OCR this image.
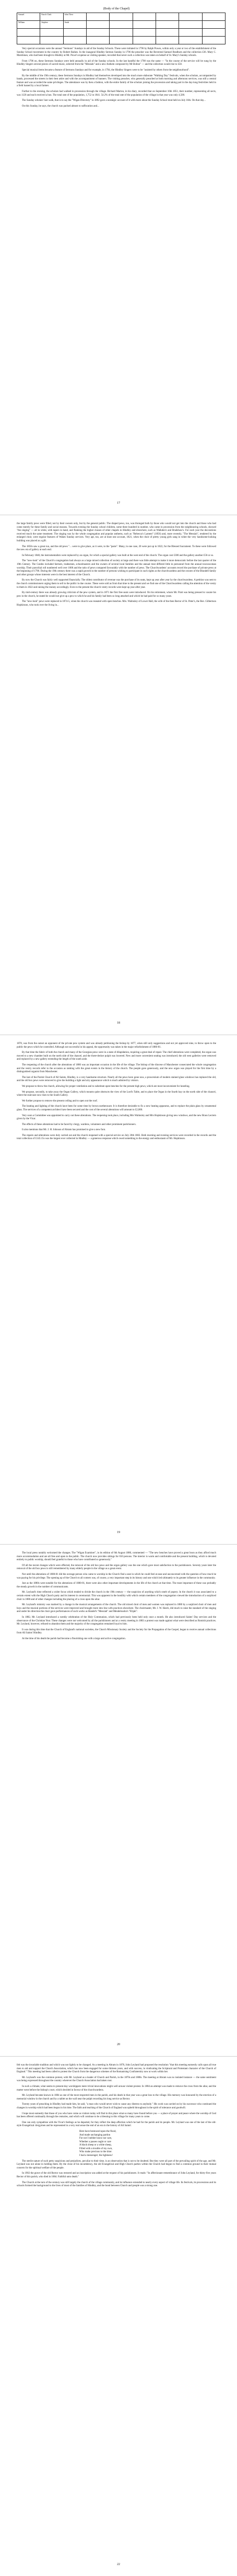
(Body of the Chapel)
Samuel	Enoch Clark	John Thew						
William	Stephen	Sarah						

Very special occasions were the annual "Sermons" Sundays in aid of the Sunday Schools. These were initiated in 1796 by Ralph Powes, within only a year or two of the establishment of the Sunday School movement in the country by Robert Raikes. In the inaugural Hindley Sermon Sunday in 1796 the preacher was the Reverend Samuel Bradburn and the collection £36. Mary C. Marshman, who had been brought to Hindley at Mr. Powe's expense as visiting speaker, recorded that never such a collection was taken on behalf of St. Mary's Sunday schools.

From 1796 on, these Sermons Sundays were held annually in aid of the Sunday schools. In the last handful the 1798 was the same — "In the course of the service will be sung by the Hindley Singers several pieces of sacred music, selected from the "Messiah" and a new Anthem composed by Mr Bolton" — and the collection would rise to £58.

Special musical items became a feature of Sermons Sundays and for example, in 1794, the Hindley Singers were to be "assisted by others from the neighbourhood".

By the middle of the 19th century, these Sermons Sundays in Hindley had themselves developed into the much more elaborate "Walking Day" festivals, when the scholars, accompanied by bands, processed the streets in their best attire and with the accompaniment of banners. The visiting preacher, who generally preached at both morning and afternoon services, was still a central feature and was accorded the same privileges. The attendance was by then a fashion, with the entire family of the scholars joining the procession and taking part in the day-long festivities held in a field loaned by a local farmer.

Further to the evening, the scholars had walked in procession through the village. Richard Marton, in his diary, recorded that on September 16th 1851, their number, representing all sects, was 1120 and each received a bun. The total rate of the population, 1,752 in 1841. 54.2% of the total rate of the population of the village in that year was only 4,500.

The Sunday scholars' last walk, that is to say the "Wigan Directory" in 1892 gave a nostalgic account of it with more about the Sunday School treat held on July 16th. On that day...

On this Sunday, he says, the church was packed almost to suffocation and...

17

the large family pews were filled, not by their owners only, but by the general public. The draped pews, too, was thronged both by those who would not get into the church and those who had come merely for these family and social reasons. Towards evening the Sunday school children, some three hundred in number, who came in procession from the neighbouring schools, showed "the singing" — all in white, with tapers in hand, and flanking the higher classes of other chapels in Hindley and elsewhere, such as Walkden's and Bradshaw's. For each year the decorations received much the same treatment. The singing was by the whole congregation and popular anthems, such as "Rebecca's Lament" (1856) and, more recently, "The Messiah", rendered by the enlarged choir, were regular features of Wakes Sunday services. Very apt, too, are at least one account, 1821, when the choir of pretty young girls sang in white the very handsome-looking building was placed as a gift.

The 1850s saw a great run, and the old pews "... were to give place, as it were, to the "paste". Many, in one case, 20 were put up in 1822, for the Blessed Sacrament. To these were followed the new era of gallery at each end.

In February 1848, the instrumentalists were replaced by an organ, for which a special gallery was built at the west end of the church. The organ cost £300 and the gallery another £50 or so.

The "new-look" of the Church's congregation had always as a large mixed collection of society at large and there was little attempt to make it more democratic before the last quarter of the 19th Century. The Guides included farmers, tradesmen, schoolmasters and the owners of several local families and the annual treat differed little in personnel from the annual townswoman worship. Their parochial roll numbered well over 1000 and the ratio of pews compared favourably with the number of pews. The Churchwardens' accounts record the purchase of private pews at the beginning of 1790. During the 19th century there was a rapid growth in the number of persons wishing to participate in such rights as the churchwardens and the owners of the Blundell family and other groups whose interests were in the best interest of the Church.

By now the Church was fairly well supported financially. The oldest contributor of revenue was the purchase of its seats, kept up year after year by the churchwardens. A petition was sent to the church commissioners urging them to sell to the public in due course. These were sold as from that time to the present and we find one of the Churchwardens calling the attention of the vestry to them in 1822 and raising the money accordingly. Even to the present the church vestry records were kept up year after year.

By mid-century there was already growing criticism of the pew system, and in 1871 the first free seats were introduced. On his retirement, whom Mr. Pratt was being pressed to vacate his pew in the church, he stated he would not give up a pew to which he and his family had been so long attached and which he had paid for so many years.

The "new-look" pews were replaced in 1874-5, when the church was reseated with open benches. Mrs. Walmsley of Lower Hall, the wife of the then Rector of St. Peter's, the Rev. Gilbertson Hopkinson, who took over the living in...

18

1878, was from the outset an opponent of the private pew system and was already petitioning the bishop by 1877, when still only suggestions and not yet approved nine, to throw open to the public the pews which he controlled. Although not successful in his appeal, the opportunity was taken in the major refurbishment of 1880-81.

By that time the fabric of both the church and many of the Georgian pews were in a state of dilapidation, requiring a great deal of repair. The chief alterations were completed, the organ was moved to a new chamber built on the north side of the chancel, and the three-decker pulpit was lowered. New and more convenient seating was introduced; the old west galleries were removed and replaced by a new gallery extending the length of the south aisle.

The reopening of the church after the alterations of 1880 was an important occasion in the life of the village. The bishop of the diocese of Manchester consecrated the whole congregation and the vestry records refer to the occasion as ranking with the great events in the history of the church. The people gave generously, and the new organ was played for the first time by a distinguished organist from Manchester.

The last of the Parish Church of All Saints, Hindley, is a very handsome structure. Nearly all the pews have gone now, a proscenium of modern stained glass windows has replaced the old, and the old box pews were removed to give the building a light and airy appearance which is much admired by visitors.

We propose to throw the church, allowing for proper ventilation and to substitute open benches for the present high pews, which are most inconvenient for kneeling.

We propose, secondly, to take away the Organ Gallery, which mounts quite obstructs the view of the Lord's Table, and to place the Organ in the fourth bay on the north side of the chancel, where the staircase now rises to the South Gallery.

We further propose to remove the present ceiling and to open out the roof.

The heating and lighting of the church have been for some time by brown earthenware. It is therefore desirable to fix a new heating apparatus, and to replace the plain glass by ornamental glass. The services of a competent architect have been secured and the cost of the several alterations will amount to £2,000.

Very soon a Committee was appointed to carry out these alterations. The reopening took place, including Mrs Walmsley and Mrs Hopkinson giving new windows, and the new Brass Lectern given by the Vicar.

The effects of these alterations had to be faced by clergy, wardens, volunteers and other prominent parishioners.

It also mentions that Mr. J. H. Johnson of Abram has promised to give a new font.

The repairs and alterations were duly carried out and the church reopened with a special service on July 20th 1882. Both morning and evening services were recorded in the records and the total collection of £143.15s was the largest ever collected in Hindley — a generous response which owed something to the energy and enthusiasm of Mr. Hopkinson.

19

The local press notably welcomed the changes. The "Wigan Examiner", in its edition of 6th August 1880, commented — "The new benches have proved a great boon as they afford much more accommodation and are all free and open to the public. The church now provides sittings for 650 persons. The interior is warm and comfortable and the present building, which is devoted entirely to public worship, should feel grateful to those who have contributed so generously."

Of all the recent changes which were effected, the removal of the old box pews and the organ gallery was the one which gave most satisfaction to the parishioners. Seventy years later the removal of the old box pews is still remembered by many elderly people in the village as a great event.

Not until the alterations of 1880-81 did the average person who came to worship in the Church find a seat in which he could feel at ease and unconcerned with the question of how much he was paying for his privilege. The opening up of the Church to all comers was, of course, a very important step in its history and one which led ultimately to its greater influence in the community.

Just as the 1880s were notable for the alterations of 1880-81, there were also other important developments in the life of the church at that time. The most important of these was probably the steady growth in the number of communicants.

Mr. Leyland's time reflected a wider focus which tended to divide the church in the 19th century — the suspicion of anything which smelt of popery. In the church it was associated to a certain extent with the High Church party and its interest in ceremonial. This was apparent in the hostility with which certain members of the congregation viewed the introduction of a surpliced choir in 1880 and of other changes including the placing of a cross upon the altar.

Mr. Leyland's ministry was marked by a change in the musical arrangements of the church. The old mixed choir of men and women was replaced in 1880 by a surpliced choir of men and boys and the musical portions of the services were improved and brought more into line with practices elsewhere. The choirmaster, Mr. J. W. Hatch, did much to raise the standard of the singing and under his direction the choir gave performances of such works as Handel's "Messiah" and Mendelssohn's "Elijah".

In 1882, Mr. Leyland introduced a weekly celebration of the Holy Communion, which had previously been held only once a month. He also introduced Saints' Day services and the observance of the Christian Year. These changes were not welcomed by all the parishioners and at a vestry meeting in 1883 a protest was made against what were described as Romish practices. Mr. Leyland, however, refused to abandon them and the majority of the congregation remained loyal to him.

It was during this time that the Church of England's national societies, the Church Missionary Society and the Society for the Propagation of the Gospel, began to receive annual collections from All Saints' Hindley.

At the time of his death the parish had become a flourishing one with a large and active congregation.

20

felt was the invariable tradition and which was not lightly to be changed. As a meeting in Abram in 1878, John Leyland had proposed the resolution "that this meeting earnestly calls upon all true men to aid and support the Church Association, which has now been engaged for some thirteen years, and with success, in vindicating the Scriptural and Protestant character of the Church of England." This meeting had been called to protest the Church from the dangerous schemes of the Romanising Confraternity now at work within her.

Mr. Leyland's was the common protest, with Mr. Leyland as a leader of Church and Parish, in the 1870s and 1880s. The meeting at Abram was no isolated instance — the same sentiment was being expressed throughout the country wherever the Church Association had taken root.

In such a climate, what seems to present-day worshippers mere trivial innovations might well arouse violent protest. In 1884 an attempt was made to remove the cross from the altar, and the matter went before the bishop's court, which decided in favour of the churchwardens.

Mr. Leyland became known in 1884 as one of the most respected men in the parish, and his death in that year was a great loss to the village. His memory was honoured by the erection of a memorial window in the church and by a tablet on the wall near the pulpit recording his long service as Rector.

Twenty years of preaching in Hindley had made him, he said, "a man who would never wish to cause any distress to anybody." His work was carried on by his successor who continued the changes in worship which had been begun in his time. The faith and teaching of the Church of England was upheld throughout in the spirit of tolerance and goodwill.

I hope most earnestly that those of you who have come as visitors today will find in this place what so many have found before you — a place of prayer and peace where the worship of God has been offered continually through the centuries, and which will continue to be a blessing to this village for many years to come.

One can only sympathise with the Vicar's feelings as he departed, for they reflect the deep affection which he had for the parish and its people. Mr. Leyland was one of the last of the old-style Evangelical clergymen and he represented in a very real sense the end of an era in the history of All Saints'.

Here have bestowed upon the flood,
And made unchanging pardon
For not I neither know nor care,
Whether a passes ought or care
A black sheep or a white sheep,
Filled with a trouble of my own,
Who make precious to the time:
I had a messenger; the lightness!

The sterile nature of such petty suspicions and prejudices, peculiar to their time, is an observation that is not to be doubted. But they were all part of the prevailing spirit of the age, and Mr. Leyland was not alone in holding them. By the close of his incumbency, the old Evangelical and High Church parties within the Church had begun to find a common ground in their mutual concern for the spiritual welfare of the people.

In 1902 the grave of the old Rector was restored and an inscription was added at the request of his parishioners. It reads: "In affectionate remembrance of John Leyland, for thirty-five years Rector of this parish, who died in 1884. Faithful unto death."

The Church at the turn of the century was still largely the church of the village community, and its influence extended to nearly every aspect of village life. Its festivals, its processions and its schools formed the background to the lives of most of the families of Hindley, and the bond between Church and people was a strong one.

22
